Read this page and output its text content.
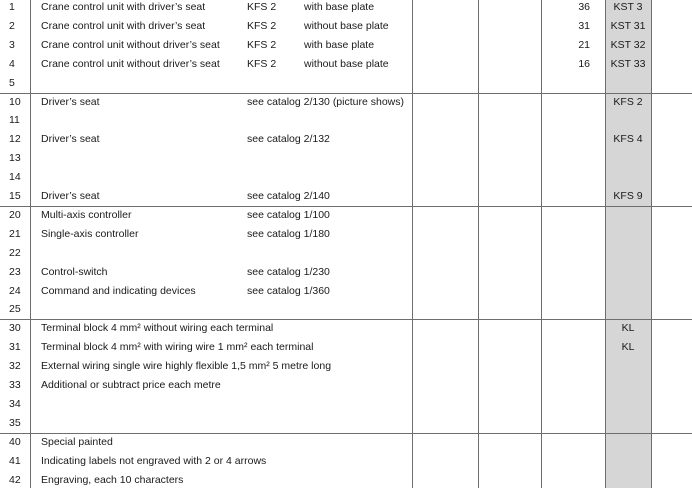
1 Crane control unit with driver’s seat	KFS 2	with base plate	36	KST 3
2 Crane control unit with driver’s seat	KFS 2	without base plate	31	KST 31
3 Crane control unit without driver’s seat	KFS 2	with base plate	21	KST 32
4 Crane control unit without driver’s seat	KFS 2	without base plate	16	KST 33
5
10 Driver’s seat	see catalog 2/130 (picture shows)	KFS 2
11
12 Driver’s seat	see catalog 2/132	KFS 4
13
14
15 Driver’s seat	see catalog 2/140	KFS 9
20 Multi-axis controller	see catalog 1/100
21 Single-axis controller	see catalog 1/180
22
23 Control-switch	see catalog 1/230
24 Command and indicating devices	see catalog 1/360
25
30 Terminal block 4 mm² without wiring each terminal	KL
31 Terminal block 4 mm² with wiring wire 1 mm² each terminal	KL
32 External wiring single wire highly flexible 1,5 mm² 5 metre long
33 Additional or subtract price each metre
34
35
40 Special painted
41 Indicating labels not engraved with 2 or 4 arrows
42 Engraving, each 10 characters
